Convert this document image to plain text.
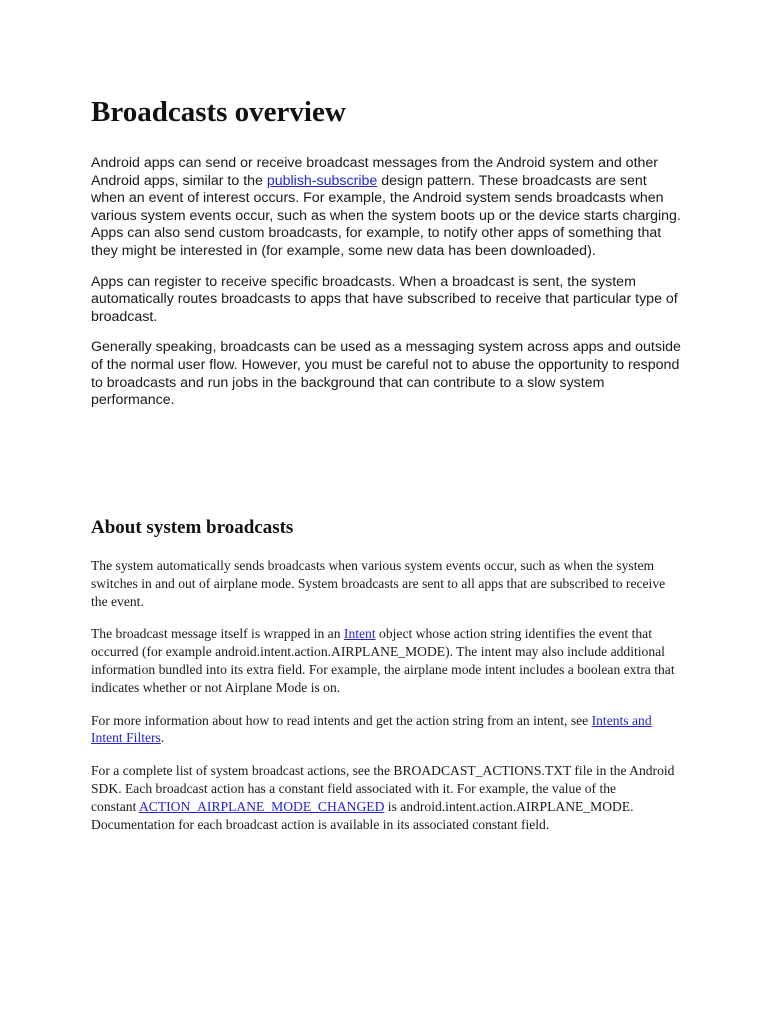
Broadcasts overview

Android apps can send or receive broadcast messages from the Android system and other Android apps, similar to the publish-subscribe design pattern. These broadcasts are sent when an event of interest occurs. For example, the Android system sends broadcasts when various system events occur, such as when the system boots up or the device starts charging. Apps can also send custom broadcasts, for example, to notify other apps of something that they might be interested in (for example, some new data has been downloaded).

Apps can register to receive specific broadcasts. When a broadcast is sent, the system automatically routes broadcasts to apps that have subscribed to receive that particular type of broadcast.

Generally speaking, broadcasts can be used as a messaging system across apps and outside of the normal user flow. However, you must be careful not to abuse the opportunity to respond to broadcasts and run jobs in the background that can contribute to a slow system performance.

About system broadcasts

The system automatically sends broadcasts when various system events occur, such as when the system switches in and out of airplane mode. System broadcasts are sent to all apps that are subscribed to receive the event.

The broadcast message itself is wrapped in an Intent object whose action string identifies the event that occurred (for example android.intent.action.AIRPLANE_MODE). The intent may also include additional information bundled into its extra field. For example, the airplane mode intent includes a boolean extra that indicates whether or not Airplane Mode is on.

For more information about how to read intents and get the action string from an intent, see Intents and Intent Filters.

For a complete list of system broadcast actions, see the BROADCAST_ACTIONS.TXT file in the Android SDK. Each broadcast action has a constant field associated with it. For example, the value of the
constant ACTION_AIRPLANE_MODE_CHANGED is android.intent.action.AIRPLANE_MODE. Documentation for each broadcast action is available in its associated constant field.
